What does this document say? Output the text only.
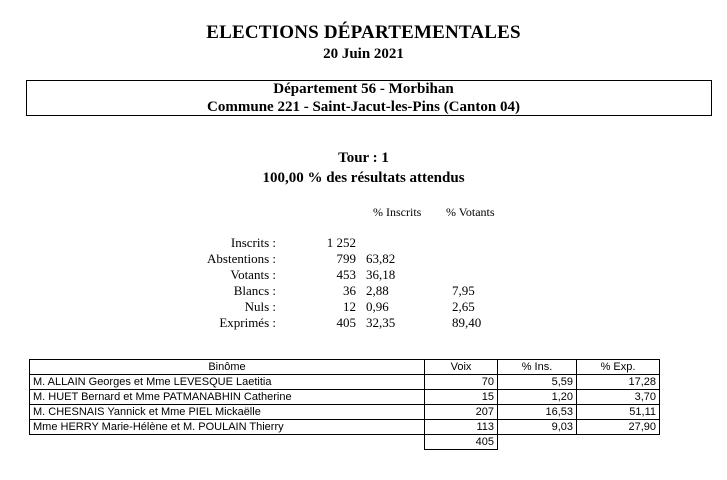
ELECTIONS DÉPARTEMENTALES
20 Juin 2021
Département 56 - Morbihan
Commune 221 - Saint-Jacut-les-Pins (Canton 04)
Tour : 1
100,00 % des résultats attendus
% Inscrits % Votants
Inscrits :	1 252
Abstentions :	799 63,82
Votants :	453 36,18
Blancs :	36 2,88	7,95
Nuls :	12 0,96	2,65
Exprimés :	405 32,35	89,40
Binôme	Voix	% Ins.	% Exp.
M. ALLAIN Georges et Mme LEVESQUE Laetitia	70	5,59	17,28
M. HUET Bernard et Mme PATMANABHIN Catherine	15	1,20	3,70
M. CHESNAIS Yannick et Mme PIEL Mickaëlle	207	16,53	51,11
Mme HERRY Marie-Hélène et M. POULAIN Thierry	113	9,03	27,90
	405		
